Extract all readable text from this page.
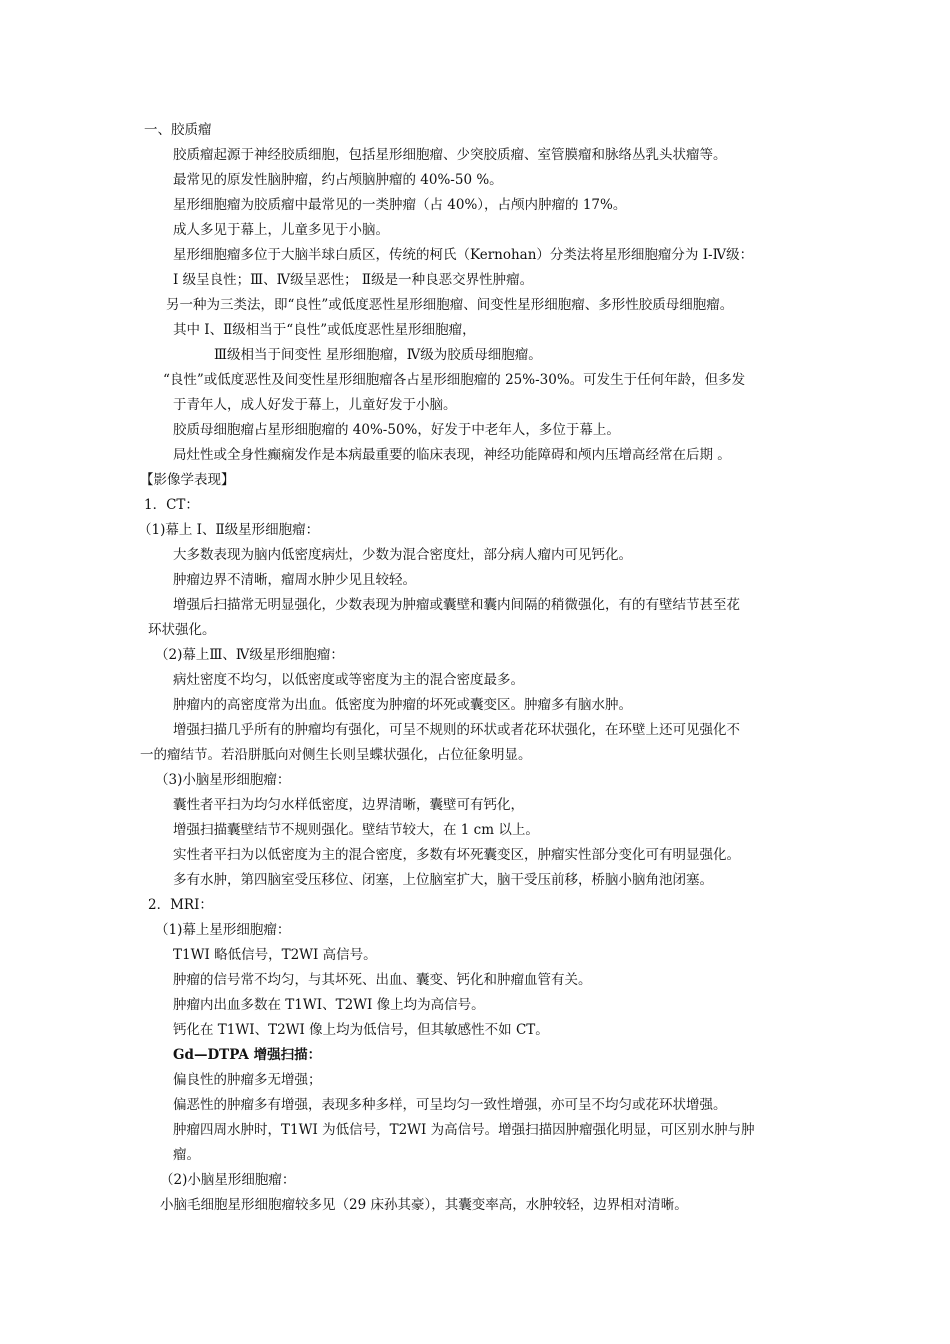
一、胶质瘤

胶质瘤起源于神经胶质细胞，包括星形细胞瘤、少突胶质瘤、室管膜瘤和脉络丛乳头状瘤等。

最常见的原发性脑肿瘤，约占颅脑肿瘤的 40%-50 %。

星形细胞瘤为胶质瘤中最常见的一类肿瘤（占 40%），占颅内肿瘤的 17%。

成人多见于幕上，儿童多见于小脑。

星形细胞瘤多位于大脑半球白质区，传统的柯氏（Kernohan）分类法将星形细胞瘤分为 I-Ⅳ级：

I 级呈良性；Ⅲ、Ⅳ级呈恶性； Ⅱ级是一种良恶交界性肿瘤。

另一种为三类法，即“良性”或低度恶性星形细胞瘤、间变性星形细胞瘤、多形性胶质母细胞瘤。

其中 I、Ⅱ级相当于“良性”或低度恶性星形细胞瘤，

Ⅲ级相当于间变性 星形细胞瘤，Ⅳ级为胶质母细胞瘤。

“良性”或低度恶性及间变性星形细胞瘤各占星形细胞瘤的 25%-30%。可发生于任何年龄，但多发

于青年人，成人好发于幕上，儿童好发于小脑。

胶质母细胞瘤占星形细胞瘤的 40%-50%，好发于中老年人，多位于幕上。

局灶性或全身性癫痫发作是本病最重要的临床表现，神经功能障碍和颅内压增高经常在后期 。

【影像学表现】

1．CT：

（1)幕上 I、Ⅱ级星形细胞瘤：

大多数表现为脑内低密度病灶，少数为混合密度灶，部分病人瘤内可见钙化。

肿瘤边界不清晰，瘤周水肿少见且较轻。

增强后扫描常无明显强化，少数表现为肿瘤或囊壁和囊内间隔的稍微强化，有的有壁结节甚至花

环状强化。

（2)幕上Ⅲ、Ⅳ级星形细胞瘤：

病灶密度不均匀，以低密度或等密度为主的混合密度最多。

肿瘤内的高密度常为出血。低密度为肿瘤的坏死或囊变区。肿瘤多有脑水肿。

增强扫描几乎所有的肿瘤均有强化，可呈不规则的环状或者花环状强化，在环壁上还可见强化不

一的瘤结节。若沿胼胝向对侧生长则呈蝶状强化，占位征象明显。

（3)小脑星形细胞瘤：

囊性者平扫为均匀水样低密度，边界清晰，囊壁可有钙化，

增强扫描囊壁结节不规则强化。壁结节较大，在 1 cm 以上。

实性者平扫为以低密度为主的混合密度，多数有坏死囊变区，肿瘤实性部分变化可有明显强化。

多有水肿，第四脑室受压移位、闭塞，上位脑室扩大，脑干受压前移，桥脑小脑角池闭塞。

2．MRI：

（1)幕上星形细胞瘤：

T1WI 略低信号，T2WI 高信号。

肿瘤的信号常不均匀，与其坏死、出血、囊变、钙化和肿瘤血管有关。

肿瘤内出血多数在 T1WI、T2WI 像上均为高信号。

钙化在 T1WI、T2WI 像上均为低信号，但其敏感性不如 CT。

Gd—DTPA 增强扫描：

偏良性的肿瘤多无增强；

偏恶性的肿瘤多有增强，表现多种多样，可呈均匀一致性增强，亦可呈不均匀或花环状增强。

肿瘤四周水肿时，T1WI 为低信号，T2WI 为高信号。增强扫描因肿瘤强化明显，可区别水肿与肿

瘤。

（2)小脑星形细胞瘤：

小脑毛细胞星形细胞瘤较多见（29 床孙其豪），其囊变率高，水肿较轻，边界相对清晰。
